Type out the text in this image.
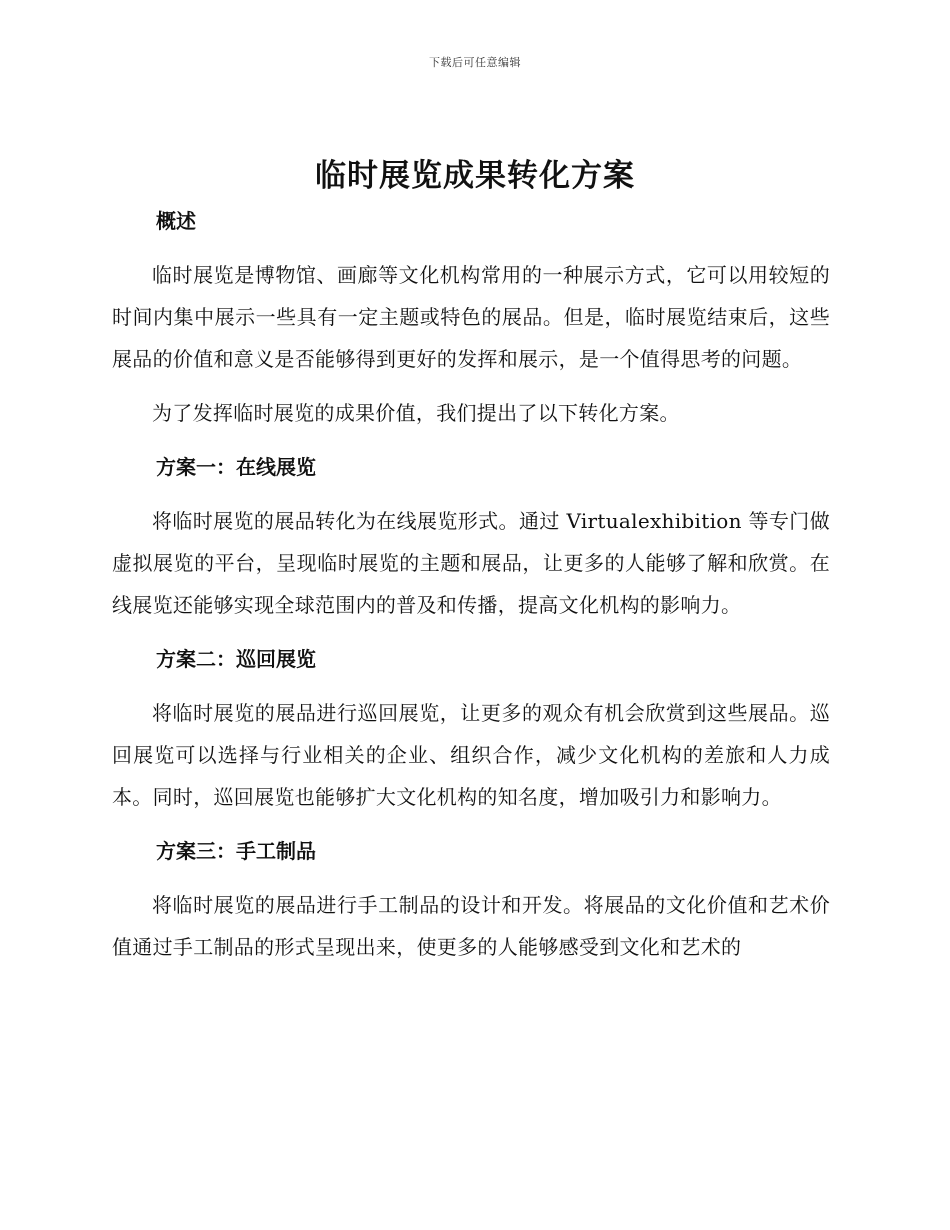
下载后可任意编辑
临时展览成果转化方案
概述

临时展览是博物馆、画廊等文化机构常用的一种展示方式，它可以用较短的时间内集中展示一些具有一定主题或特色的展品。但是，临时展览结束后，这些展品的价值和意义是否能够得到更好的发挥和展示，是一个值得思考的问题。

为了发挥临时展览的成果价值，我们提出了以下转化方案。

方案一：在线展览

将临时展览的展品转化为在线展览形式。通过 Virtualexhibition 等专门做虚拟展览的平台，呈现临时展览的主题和展品，让更多的人能够了解和欣赏。在线展览还能够实现全球范围内的普及和传播，提高文化机构的影响力。

方案二：巡回展览

将临时展览的展品进行巡回展览，让更多的观众有机会欣赏到这些展品。巡回展览可以选择与行业相关的企业、组织合作，减少文化机构的差旅和人力成本。同时，巡回展览也能够扩大文化机构的知名度，增加吸引力和影响力。

方案三：手工制品

将临时展览的展品进行手工制品的设计和开发。将展品的文化价值和艺术价值通过手工制品的形式呈现出来，使更多的人能够感受到文化和艺术的
